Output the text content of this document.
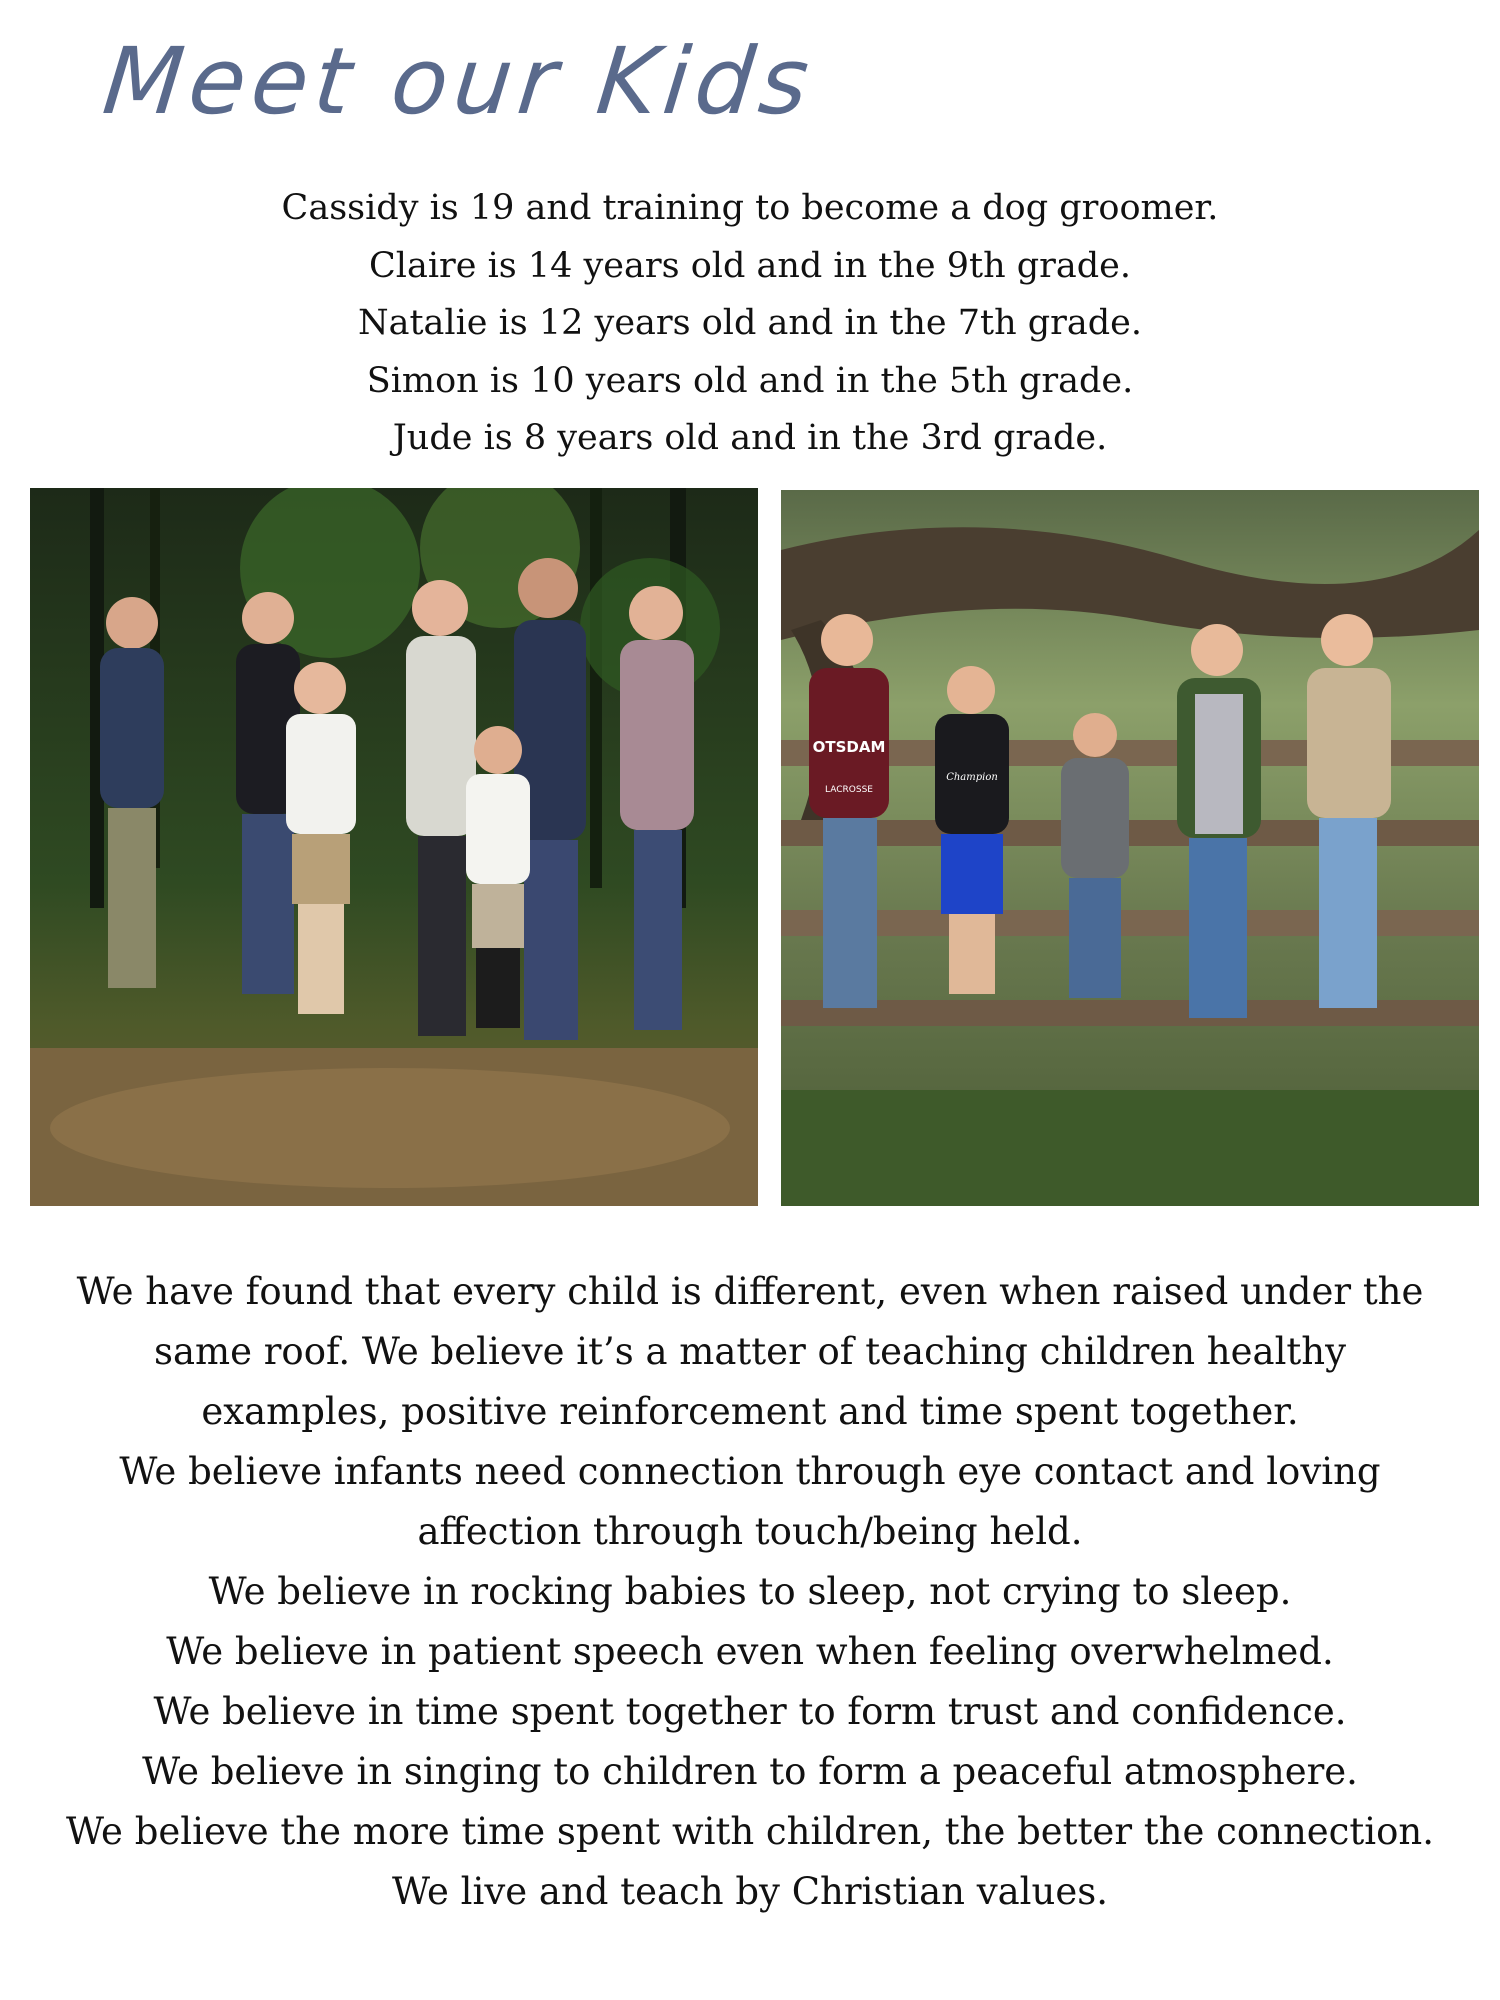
Meet our Kids
Cassidy is 19 and training to become a dog groomer.
Claire is 14 years old and in the 9th grade.
Natalie is 12 years old and in the 7th grade.
Simon is 10 years old and in the 5th grade.
Jude is 8 years old and in the 3rd grade.
OTSDAM
LACROSSE
Champion
We have found that every child is different, even when raised under the
same roof. We believe it’s a matter of teaching children healthy
examples, positive reinforcement and time spent together.
We believe infants need connection through eye contact and loving
affection through touch/being held.
We believe in rocking babies to sleep, not crying to sleep.
We believe in patient speech even when feeling overwhelmed.
We believe in time spent together to form trust and confidence.
We believe in singing to children to form a peaceful atmosphere.
We believe the more time spent with children, the better the connection.
We live and teach by Christian values.
